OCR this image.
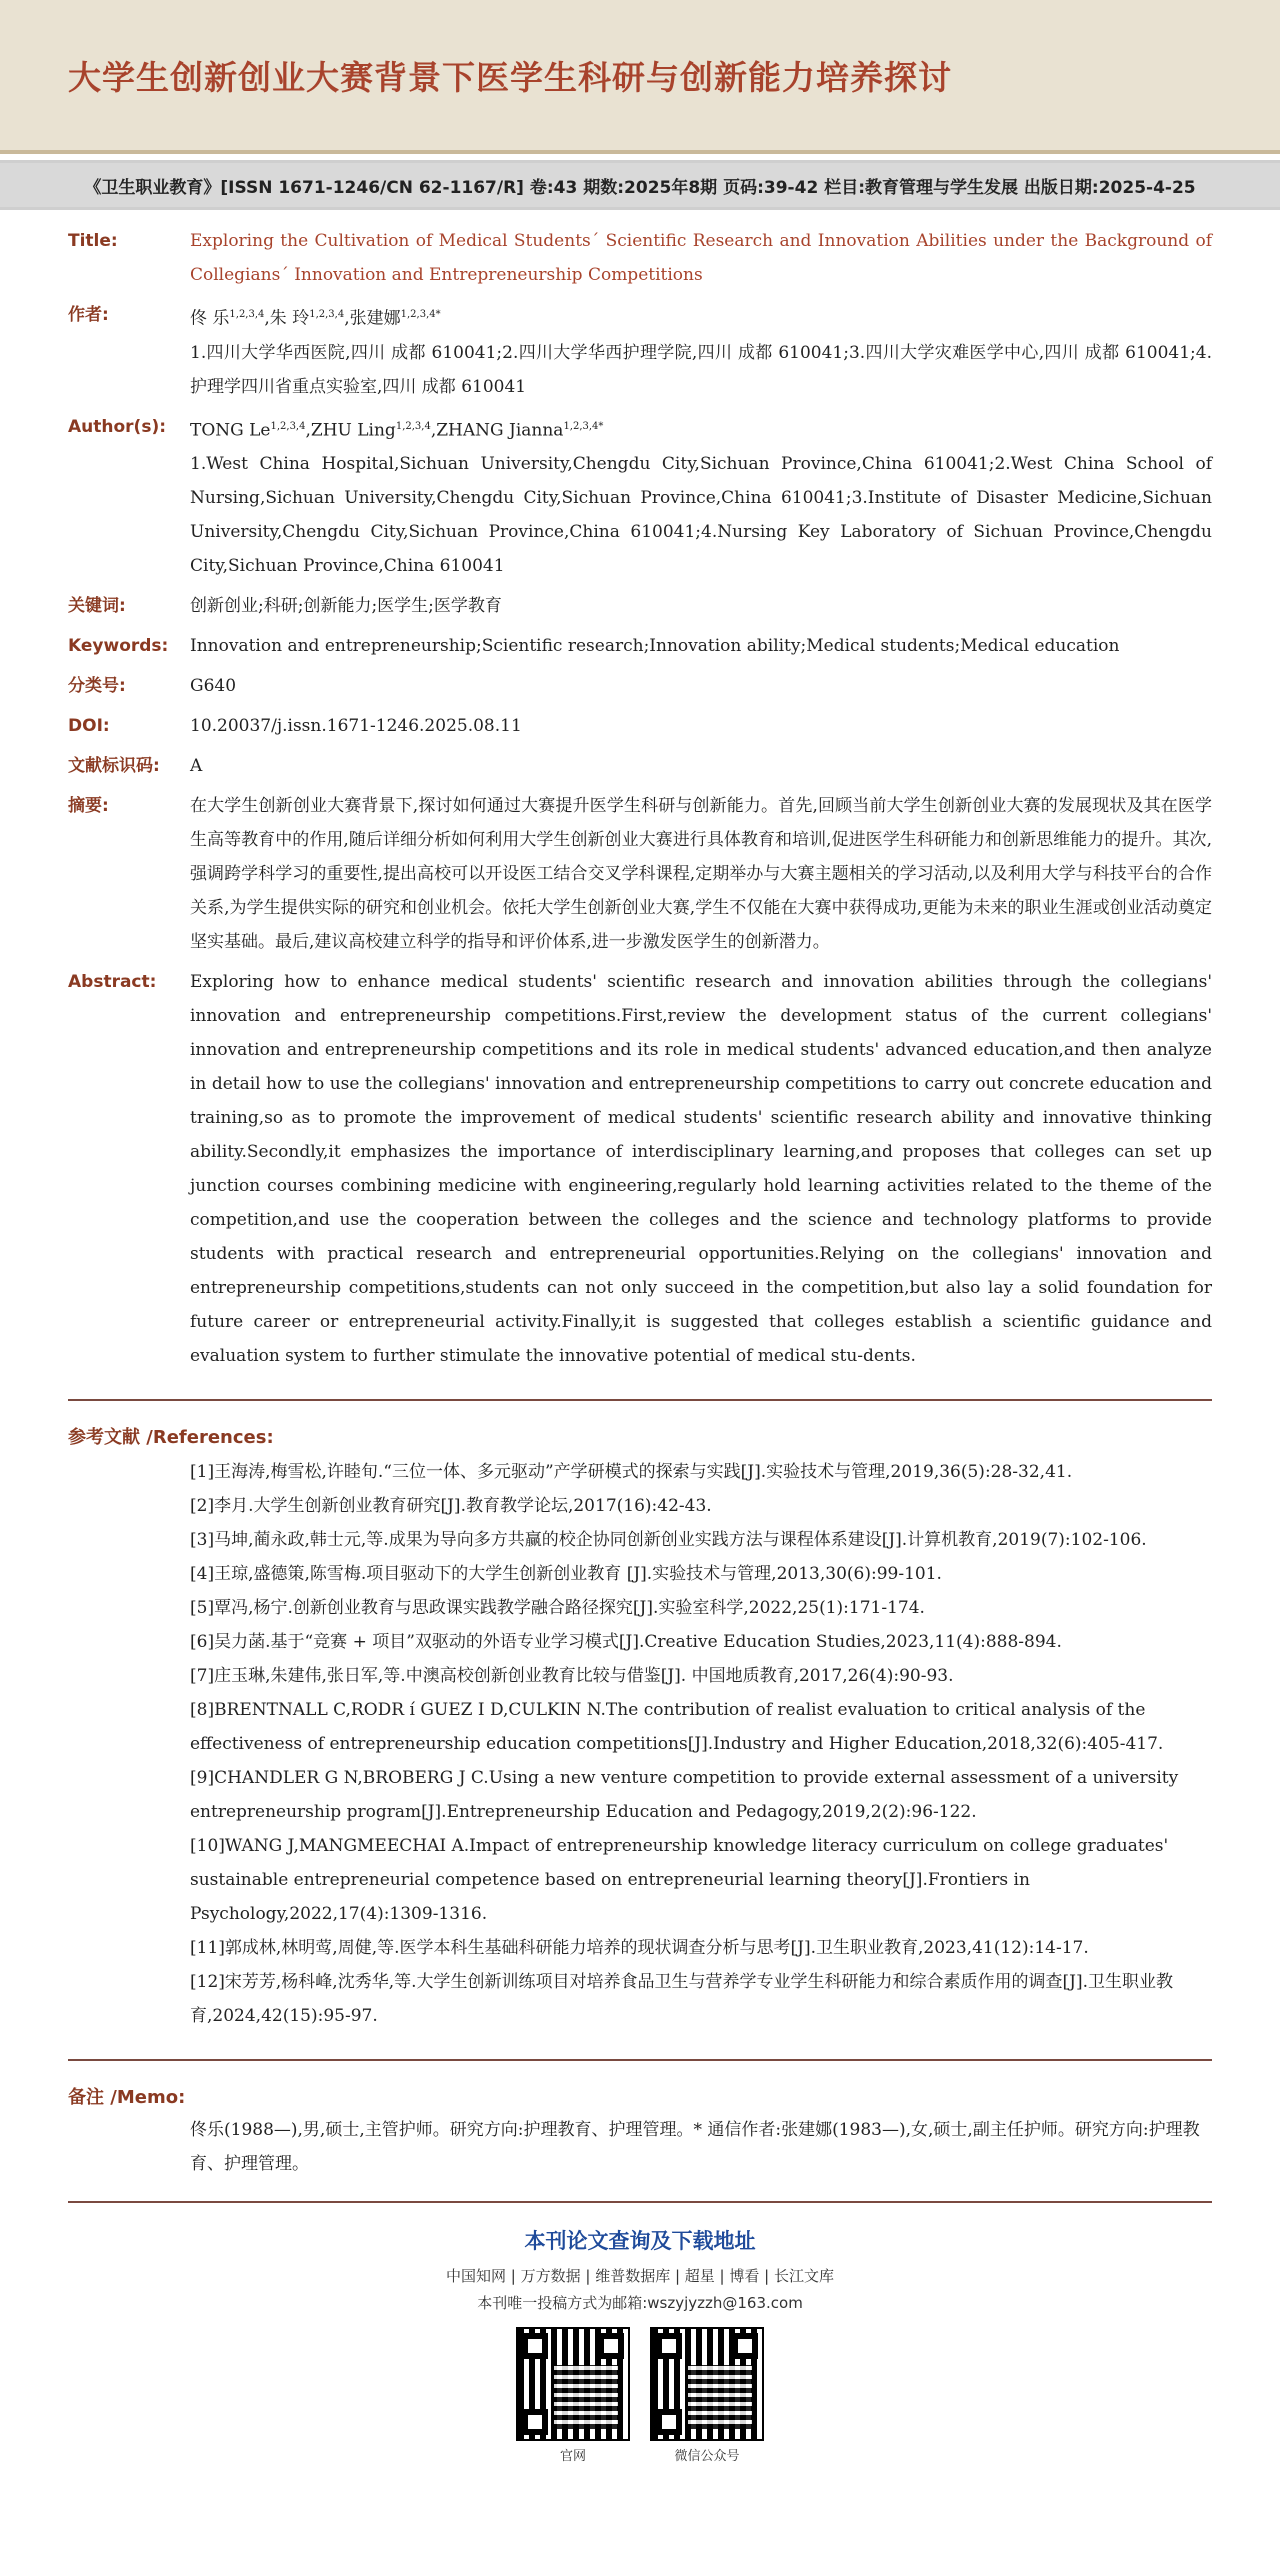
大学生创新创业大赛背景下医学生科研与创新能力培养探讨
《卫生职业教育》[ISSN 1671-1246/CN 62-1167/R] 卷:43 期数:2025年8期 页码:39-42 栏目:教育管理与学生发展 出版日期:2025-4-25
Title:	Exploring the Cultivation of Medical Students´ Scientific Research and Innovation Abilities under the Background of Collegians´ Innovation and Entrepreneurship Competitions
作者:	佟 乐$^{1,2,3,4}$,朱 玲$^{1,2,3,4}$,张建娜$^{1,2,3,4*}$
1.四川大学华西医院,四川 成都 610041;2.四川大学华西护理学院,四川 成都 610041;3.四川大学灾难医学中心,四川 成都 610041;4.护理学四川省重点实验室,四川 成都 610041
Author(s):	TONG Le$^{1,2,3,4}$,ZHU Ling$^{1,2,3,4}$,ZHANG Jianna$^{1,2,3,4*}$
1.West China Hospital,Sichuan University,Chengdu City,Sichuan Province,China 610041;2.West China School of Nursing,Sichuan University,Chengdu City,Sichuan Province,China 610041;3.Institute of Disaster Medicine,Sichuan University,Chengdu City,Sichuan Province,China 610041;4.Nursing Key Laboratory of Sichuan Province,Chengdu City,Sichuan Province,China 610041
关键词:	创新创业;科研;创新能力;医学生;医学教育
Keywords:	Innovation and entrepreneurship;Scientific research;Innovation ability;Medical students;Medical education
分类号:	G640
DOI:	10.20037/j.issn.1671-1246.2025.08.11
文献标识码:	A
摘要:	在大学生创新创业大赛背景下,探讨如何通过大赛提升医学生科研与创新能力。首先,回顾当前大学生创新创业大赛的发展现状及其在医学生高等教育中的作用,随后详细分析如何利用大学生创新创业大赛进行具体教育和培训,促进医学生科研能力和创新思维能力的提升。其次,强调跨学科学习的重要性,提出高校可以开设医工结合交叉学科课程,定期举办与大赛主题相关的学习活动,以及利用大学与科技平台的合作关系,为学生提供实际的研究和创业机会。依托大学生创新创业大赛,学生不仅能在大赛中获得成功,更能为未来的职业生涯或创业活动奠定坚实基础。最后,建议高校建立科学的指导和评价体系,进一步激发医学生的创新潜力。
Abstract:	Exploring how to enhance medical students' scientific research and innovation abilities through the collegians' innovation and entrepreneurship competitions.First,review the development status of the current collegians' innovation and entrepreneurship competitions and its role in medical students' advanced education,and then analyze in detail how to use the collegians' innovation and entrepreneurship competitions to carry out concrete education and training,so as to promote the improvement of medical students' scientific research ability and innovative thinking ability.Secondly,it emphasizes the importance of interdisciplinary learning,and proposes that colleges can set up junction courses combining medicine with engineering,regularly hold learning activities related to the theme of the competition,and use the cooperation between the colleges and the science and technology platforms to provide students with practical research and entrepreneurial opportunities.Relying on the collegians' innovation and entrepreneurship competitions,students can not only succeed in the competition,but also lay a solid foundation for future career or entrepreneurial activity.Finally,it is suggested that colleges establish a scientific guidance and evaluation system to further stimulate the innovative potential of medical stu-dents.
参考文献 /References:
[1]王海涛,梅雪松,许睦旬.“三位一体、多元驱动”产学研模式的探索与实践[J].实验技术与管理,2019,36(5):28-32,41.
[2]李月.大学生创新创业教育研究[J].教育教学论坛,2017(16):42-43.
[3]马坤,蔺永政,韩士元,等.成果为导向多方共赢的校企协同创新创业实践方法与课程体系建设[J].计算机教育,2019(7):102-106.
[4]王琼,盛德策,陈雪梅.项目驱动下的大学生创新创业教育 [J].实验技术与管理,2013,30(6):99-101.
[5]覃冯,杨宁.创新创业教育与思政课实践教学融合路径探究[J].实验室科学,2022,25(1):171-174.
[6]吴力菡.基于“竞赛 + 项目”双驱动的外语专业学习模式[J].Creative Education Studies,2023,11(4):888-894.
[7]庄玉琳,朱建伟,张日军,等.中澳高校创新创业教育比较与借鉴[J]. 中国地质教育,2017,26(4):90-93.
[8]BRENTNALL C,RODR í GUEZ I D,CULKIN N.The contribution of realist evaluation to critical analysis of the effectiveness of entrepreneurship education competitions[J].Industry and Higher Education,2018,32(6):405-417.
[9]CHANDLER G N,BROBERG J C.Using a new venture competition to provide external assessment of a university entrepreneurship program[J].Entrepreneurship Education and Pedagogy,2019,2(2):96-122.
[10]WANG J,MANGMEECHAI A.Impact of entrepreneurship knowledge literacy curriculum on college graduates' sustainable entrepreneurial competence based on entrepreneurial learning theory[J].Frontiers in Psychology,2022,17(4):1309-1316.
[11]郭成林,林明莺,周健,等.医学本科生基础科研能力培养的现状调查分析与思考[J].卫生职业教育,2023,41(12):14-17.
[12]宋芳芳,杨科峰,沈秀华,等.大学生创新训练项目对培养食品卫生与营养学专业学生科研能力和综合素质作用的调查[J].卫生职业教育,2024,42(15):95-97.
备注 /Memo:
佟乐(1988—),男,硕士,主管护师。研究方向:护理教育、护理管理。* 通信作者:张建娜(1983—),女,硕士,副主任护师。研究方向:护理教育、护理管理。
本刊论文查询及下载地址
中国知网 | 万方数据 | 维普数据库 | 超星 | 博看 | 长江文库
本刊唯一投稿方式为邮箱:wszyjyzzh@163.com
官网	微信公众号
